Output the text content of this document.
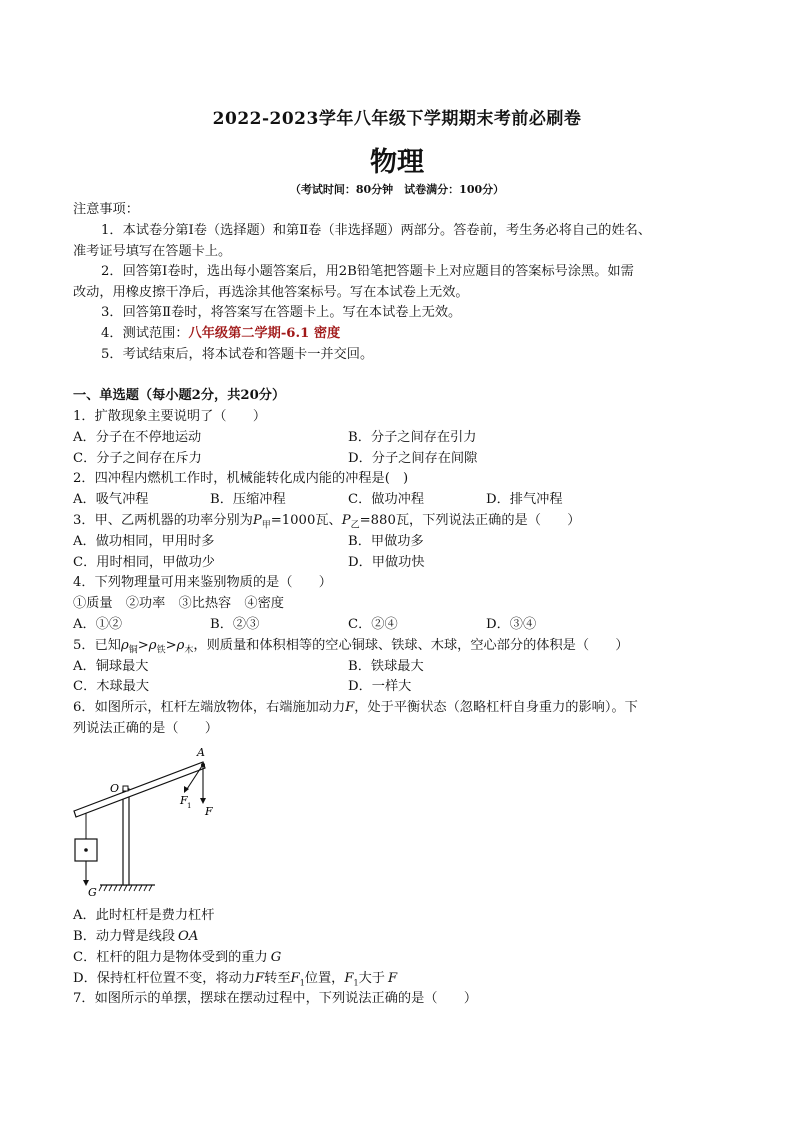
2022-2023学年八年级下学期期末考前必刷卷
物理
（考试时间：80分钟　试卷满分：100分）
注意事项：
1．本试卷分第Ⅰ卷（选择题）和第Ⅱ卷（非选择题）两部分。答卷前，考生务必将自己的姓名、
准考证号填写在答题卡上。
2．回答第Ⅰ卷时，选出每小题答案后，用2B铅笔把答题卡上对应题目的答案标号涂黑。如需
改动，用橡皮擦干净后，再选涂其他答案标号。写在本试卷上无效。
3．回答第Ⅱ卷时，将答案写在答题卡上。写在本试卷上无效。
4．测试范围：八年级第二学期-6.1 密度
5．考试结束后，将本试卷和答题卡一并交回。
一、单选题（每小题2分，共20分）
1．扩散现象主要说明了（　　）
A．分子在不停地运动	B．分子之间存在引力
C．分子之间存在斥力	D．分子之间存在间隙
2．四冲程内燃机工作时，机械能转化成内能的冲程是(　)
A．吸气冲程	B．压缩冲程	C．做功冲程	D．排气冲程
3．甲、乙两机器的功率分别为$P_甲=1000$瓦、$P_乙=880$瓦，下列说法正确的是（　　）
A．做功相同，甲用时多	B．甲做功多
C．用时相同，甲做功少	D．甲做功快
4．下列物理量可用来鉴别物质的是（　　）
①质量　②功率　③比热容　④密度
A．①②	B．②③	C．②④	D．③④
5．已知$\rho_铜>\rho_铁>\rho_木$，则质量和体积相等的空心铜球、铁球、木球，空心部分的体积是（　　）
A．铜球最大	B．铁球最大
C．木球最大	D．一样大
6．如图所示，杠杆左端放物体，右端施加动力F，处于平衡状态（忽略杠杆自身重力的影响）。下
列说法正确的是（　　）
O
A
F
F 1
G
A．此时杠杆是费力杠杆
B．动力臂是线段 OA
C．杠杆的阻力是物体受到的重力 G
D．保持杠杆位置不变，将动力F转至$F_1$位置，$F_1$大于 F
7．如图所示的单摆，摆球在摆动过程中，下列说法正确的是（　　）
